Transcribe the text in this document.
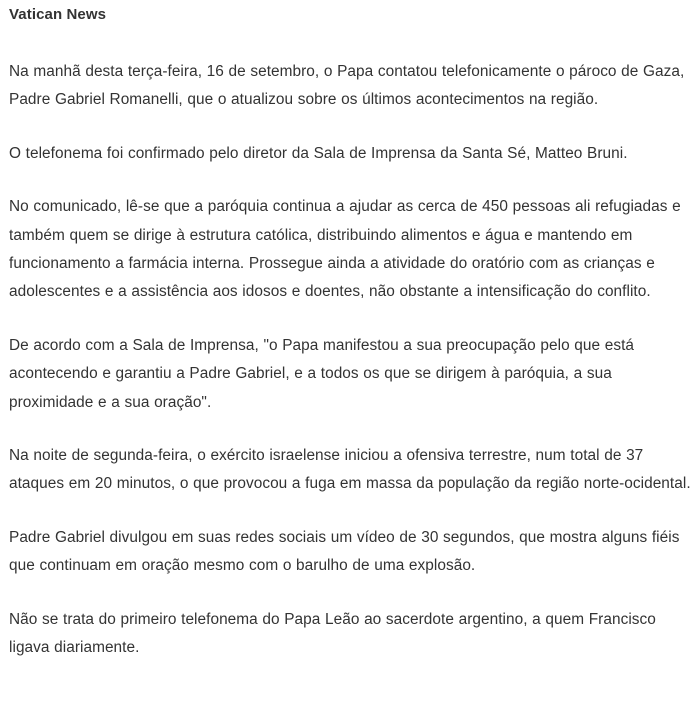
Vatican News

Na manhã desta terça-feira, 16 de setembro, o Papa contatou telefonicamente o pároco de Gaza, Padre Gabriel Romanelli, que o atualizou sobre os últimos acontecimentos na região.

O telefonema foi confirmado pelo diretor da Sala de Imprensa da Santa Sé, Matteo Bruni.

No comunicado, lê-se que a paróquia continua a ajudar as cerca de 450 pessoas ali refugiadas e também quem se dirige à estrutura católica, distribuindo alimentos e água e mantendo em funcionamento a farmácia interna. Prossegue ainda a atividade do oratório com as crianças e adolescentes e a assistência aos idosos e doentes, não obstante a intensificação do conflito.

De acordo com a Sala de Imprensa, "o Papa manifestou a sua preocupação pelo que está acontecendo e garantiu a Padre Gabriel, e a todos os que se dirigem à paróquia, a sua proximidade e a sua oração".

Na noite de segunda-feira, o exército israelense iniciou a ofensiva terrestre, num total de 37 ataques em 20 minutos, o que provocou a fuga em massa da população da região norte-ocidental.

Padre Gabriel divulgou em suas redes sociais um vídeo de 30 segundos, que mostra alguns fiéis que continuam em oração mesmo com o barulho de uma explosão.

Não se trata do primeiro telefonema do Papa Leão ao sacerdote argentino, a quem Francisco ligava diariamente.
